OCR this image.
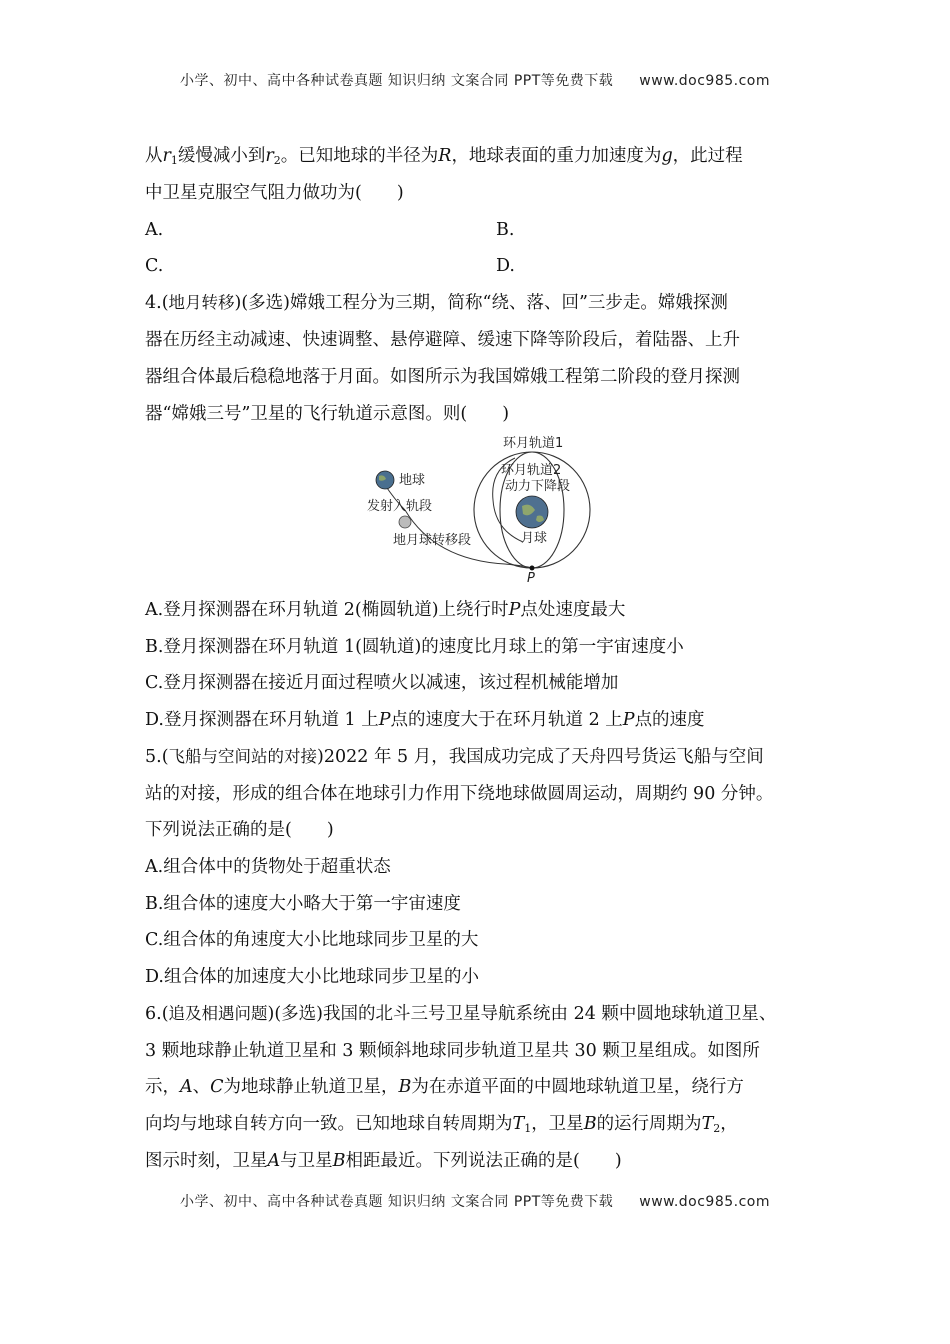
小学、初中、高中各种试卷真题 知识归纳 文案合同 PPT等免费下载 www.doc985.com
从$r_1$缓慢减小到$r_2$。已知地球的半径为R，地球表面的重力加速度为g，此过程
中卫星克服空气阻力做功为(　　)
A.	B.
C.	D.
4.(地月转移)(多选)嫦娥工程分为三期，简称“绕、落、回”三步走。嫦娥探测
器在历经主动减速、快速调整、悬停避障、缓速下降等阶段后，着陆器、上升
器组合体最后稳稳地落于月面。如图所示为我国嫦娥工程第二阶段的登月探测
器“嫦娥三号”卫星的飞行轨道示意图。则(　　)
环月轨道1
环月轨道2
动力下降段
地球
发射入轨段
地月球转移段	月球
P
A.登月探测器在环月轨道 2(椭圆轨道)上绕行时P点处速度最大
B.登月探测器在环月轨道 1(圆轨道)的速度比月球上的第一宇宙速度小
C.登月探测器在接近月面过程喷火以减速，该过程机械能增加
D.登月探测器在环月轨道 1 上P点的速度大于在环月轨道 2 上P点的速度
5.(飞船与空间站的对接)2022 年 5 月，我国成功完成了天舟四号货运飞船与空间
站的对接，形成的组合体在地球引力作用下绕地球做圆周运动，周期约 90 分钟。
下列说法正确的是(　　)
A.组合体中的货物处于超重状态
B.组合体的速度大小略大于第一宇宙速度
C.组合体的角速度大小比地球同步卫星的大
D.组合体的加速度大小比地球同步卫星的小
6.(追及相遇问题)(多选)我国的北斗三号卫星导航系统由 24 颗中圆地球轨道卫星、
3 颗地球静止轨道卫星和 3 颗倾斜地球同步轨道卫星共 30 颗卫星组成。如图所
示，A、C为地球静止轨道卫星，B为在赤道平面的中圆地球轨道卫星，绕行方
向均与地球自转方向一致。已知地球自转周期为$T_1$，卫星B的运行周期为$T_2$，
图示时刻，卫星A与卫星B相距最近。下列说法正确的是(　　)
小学、初中、高中各种试卷真题 知识归纳 文案合同 PPT等免费下载 www.doc985.com
